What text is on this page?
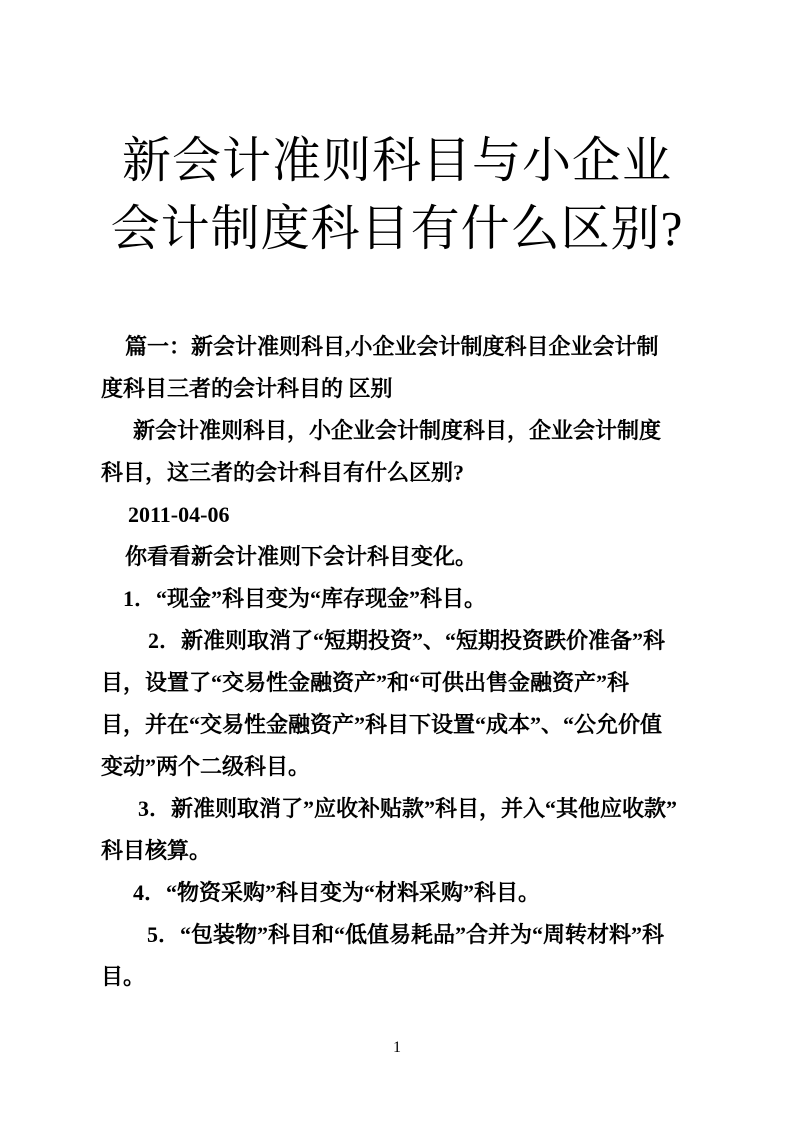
新会计准则科目与小企业
会计制度科目有什么区别?
篇一：新会计准则科目,小企业会计制度科目企业会计制
度科目三者的会计科目的 区别
新会计准则科目，小企业会计制度科目，企业会计制度
科目，这三者的会计科目有什么区别?
2011-04-06
你看看新会计准则下会计科目变化。
1．“现金”科目变为“库存现金”科目。
2．新准则取消了“短期投资”、“短期投资跌价准备”科
目，设置了“交易性金融资产”和“可供出售金融资产”科
目，并在“交易性金融资产”科目下设置“成本”、“公允价值
变动”两个二级科目。
3．新准则取消了”应收补贴款”科目，并入“其他应收款”
科目核算。
4．“物资采购”科目变为“材料采购”科目。
5．“包装物”科目和“低值易耗品”合并为“周转材料”科
目。
1
